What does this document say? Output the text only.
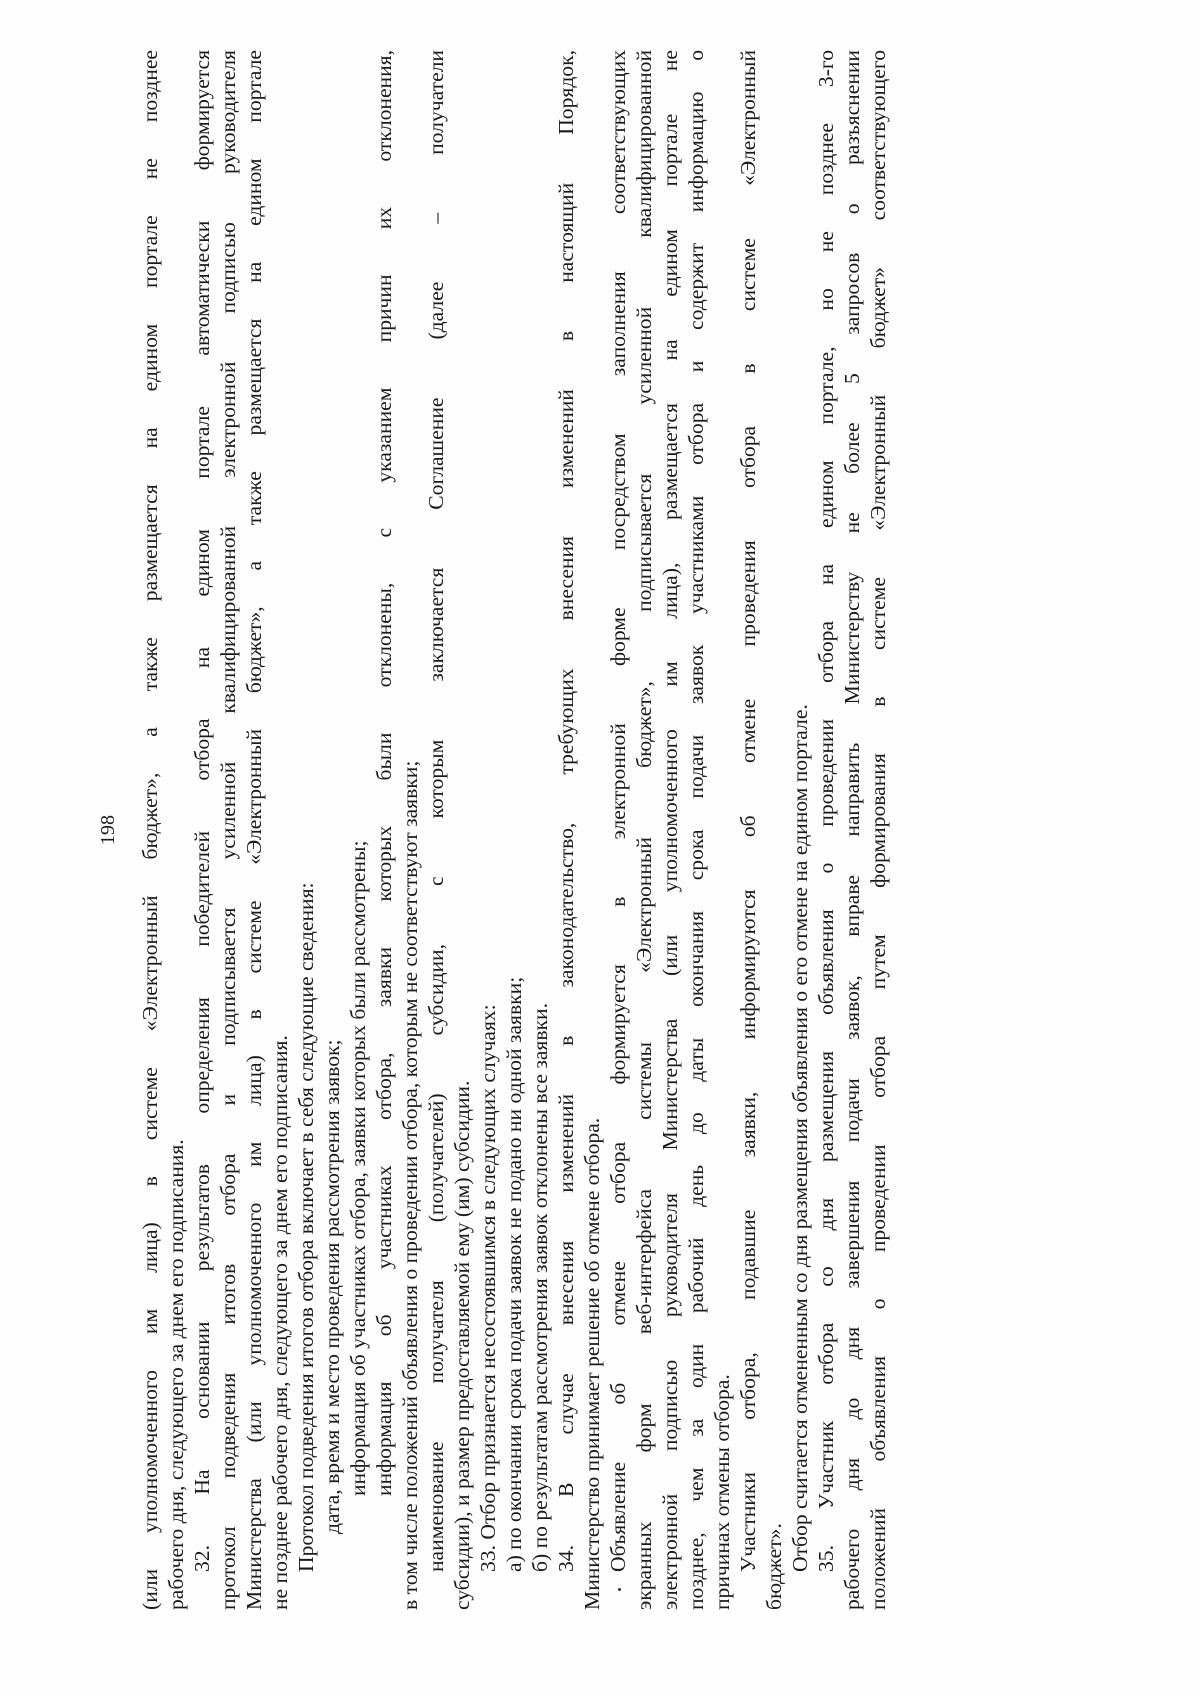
198 (или уполномоченного им лица) в системе «Электронный бюджет», а также размещается на едином портале не позднее рабочего дня, следующего за днем его подписания. 32. На основании результатов определения победителей отбора на едином портале автоматически формируется протокол подведения итогов отбора и подписывается усиленной квалифицированной электронной подписью руководителя Министерства (или уполномоченного им лица) в системе «Электронный бюджет», а также размещается на едином портале не позднее рабочего дня, следующего за днем его подписания. Протокол подведения итогов отбора включает в себя следующие сведения: дата, время и место проведения рассмотрения заявок; информация об участниках отбора, заявки которых были рассмотрены; информация об участниках отбора, заявки которых были отклонены, с указанием причин их отклонения, в том числе положений объявления о проведении отбора, которым не соответствуют заявки; наименование получателя (получателей) субсидии, с которым заключается Соглашение (далее – получатели субсидии), и размер предоставляемой ему (им) субсидии. 33. Отбор признается несостоявшимся в следующих случаях: а) по окончании срока подачи заявок не подано ни одной заявки; б) по результатам рассмотрения заявок отклонены все заявки. 34. В случае внесения изменений в законодательство, требующих внесения изменений в настоящий Порядок, Министерство принимает решение об отмене отбора. Объявление об отмене отбора формируется в электронной форме посредством заполнения соответствующих экранных форм веб-интерфейса системы «Электронный бюджет», подписывается усиленной квалифицированной электронной подписью руководителя Министерства (или уполномоченного им лица), размещается на едином портале не позднее, чем за один рабочий день до даты окончания срока подачи заявок участниками отбора и содержит информацию о причинах отмены отбора. Участники отбора, подавшие заявки, информируются об отмене проведения отбора в системе «Электронный бюджет». Отбор считается отмененным со дня размещения объявления о его отмене на едином портале. 35. Участник отбора со дня размещения объявления о проведении отбора на едином портале, но не позднее 3-го рабочего дня до дня завершения подачи заявок, вправе направить Министерству не более 5 запросов о разъяснении положений объявления о проведении отбора путем формирования в системе «Электронный бюджет» соответствующего
